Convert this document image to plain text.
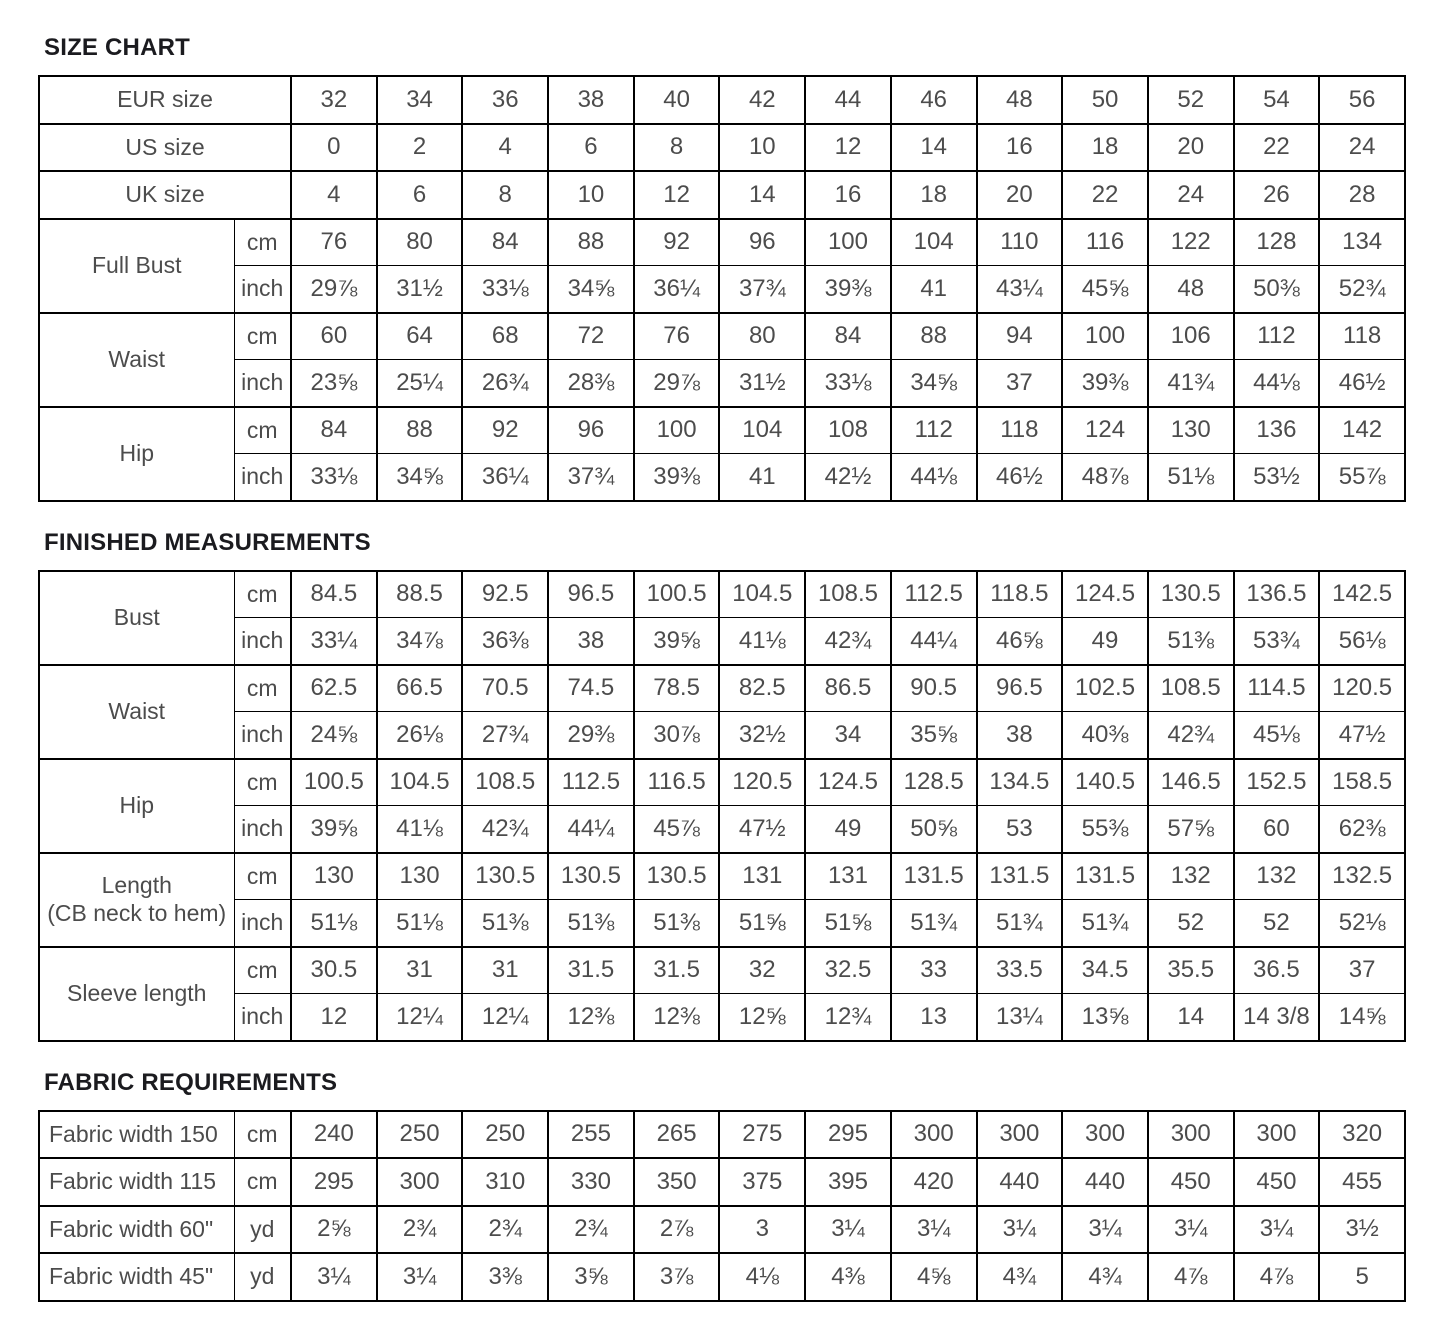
SIZE CHART
EUR size		32	34	36	38	40	42	44	46	48	50	52	54	56
US size		0	2	4	6	8	10	12	14	16	18	20	22	24
UK size		4	6	8	10	12	14	16	18	20	22	24	26	28

Full Bust	cm	76	80	84	88	92	96	100	104	110	116	122	128	134
	inch	29⅞	31½	33⅛	34⅝	36¼	37¾	39⅜	41	43¼	45⅝	48	50⅜	52¾

Waist	cm	60	64	68	72	76	80	84	88	94	100	106	112	118
	inch	23⅝	25¼	26¾	28⅜	29⅞	31½	33⅛	34⅝	37	39⅜	41¾	44⅛	46½

Hip	cm	84	88	92	96	100	104	108	112	118	124	130	136	142
	inch	33⅛	34⅝	36¼	37¾	39⅜	41	42½	44⅛	46½	48⅞	51⅛	53½	55⅞
FINISHED MEASUREMENTS
Bust	cm	84.5	88.5	92.5	96.5	100.5	104.5	108.5	112.5	118.5	124.5	130.5	136.5	142.5
	inch	33¼	34⅞	36⅜	38	39⅝	41⅛	42¾	44¼	46⅝	49	51⅜	53¾	56⅛

Waist	cm	62.5	66.5	70.5	74.5	78.5	82.5	86.5	90.5	96.5	102.5	108.5	114.5	120.5
	inch	24⅝	26⅛	27¾	29⅜	30⅞	32½	34	35⅝	38	40⅜	42¾	45⅛	47½

Hip	cm	100.5	104.5	108.5	112.5	116.5	120.5	124.5	128.5	134.5	140.5	146.5	152.5	158.5
	inch	39⅝	41⅛	42¾	44¼	45⅞	47½	49	50⅝	53	55⅜	57⅝	60	62⅜

Length
(CB neck to hem)	cm	130	130	130.5	130.5	130.5	131	131	131.5	131.5	131.5	132	132	132.5
	inch	51⅛	51⅛	51⅜	51⅜	51⅜	51⅝	51⅝	51¾	51¾	51¾	52	52	52⅛

Sleeve length	cm	30.5	31	31	31.5	31.5	32	32.5	33	33.5	34.5	35.5	36.5	37
	inch	12	12¼	12¼	12⅜	12⅜	12⅝	12¾	13	13¼	13⅝	14	14 3/8	14⅝
FABRIC REQUIREMENTS
Fabric width 150	cm	240	250	250	255	265	275	295	300	300	300	300	300	320
Fabric width 115	cm	295	300	310	330	350	375	395	420	440	440	450	450	455
Fabric width 60"	yd	2⅝	2¾	2¾	2¾	2⅞	3	3¼	3¼	3¼	3¼	3¼	3¼	3½
Fabric width 45"	yd	3¼	3¼	3⅜	3⅝	3⅞	4⅛	4⅜	4⅝	4¾	4¾	4⅞	4⅞	5
